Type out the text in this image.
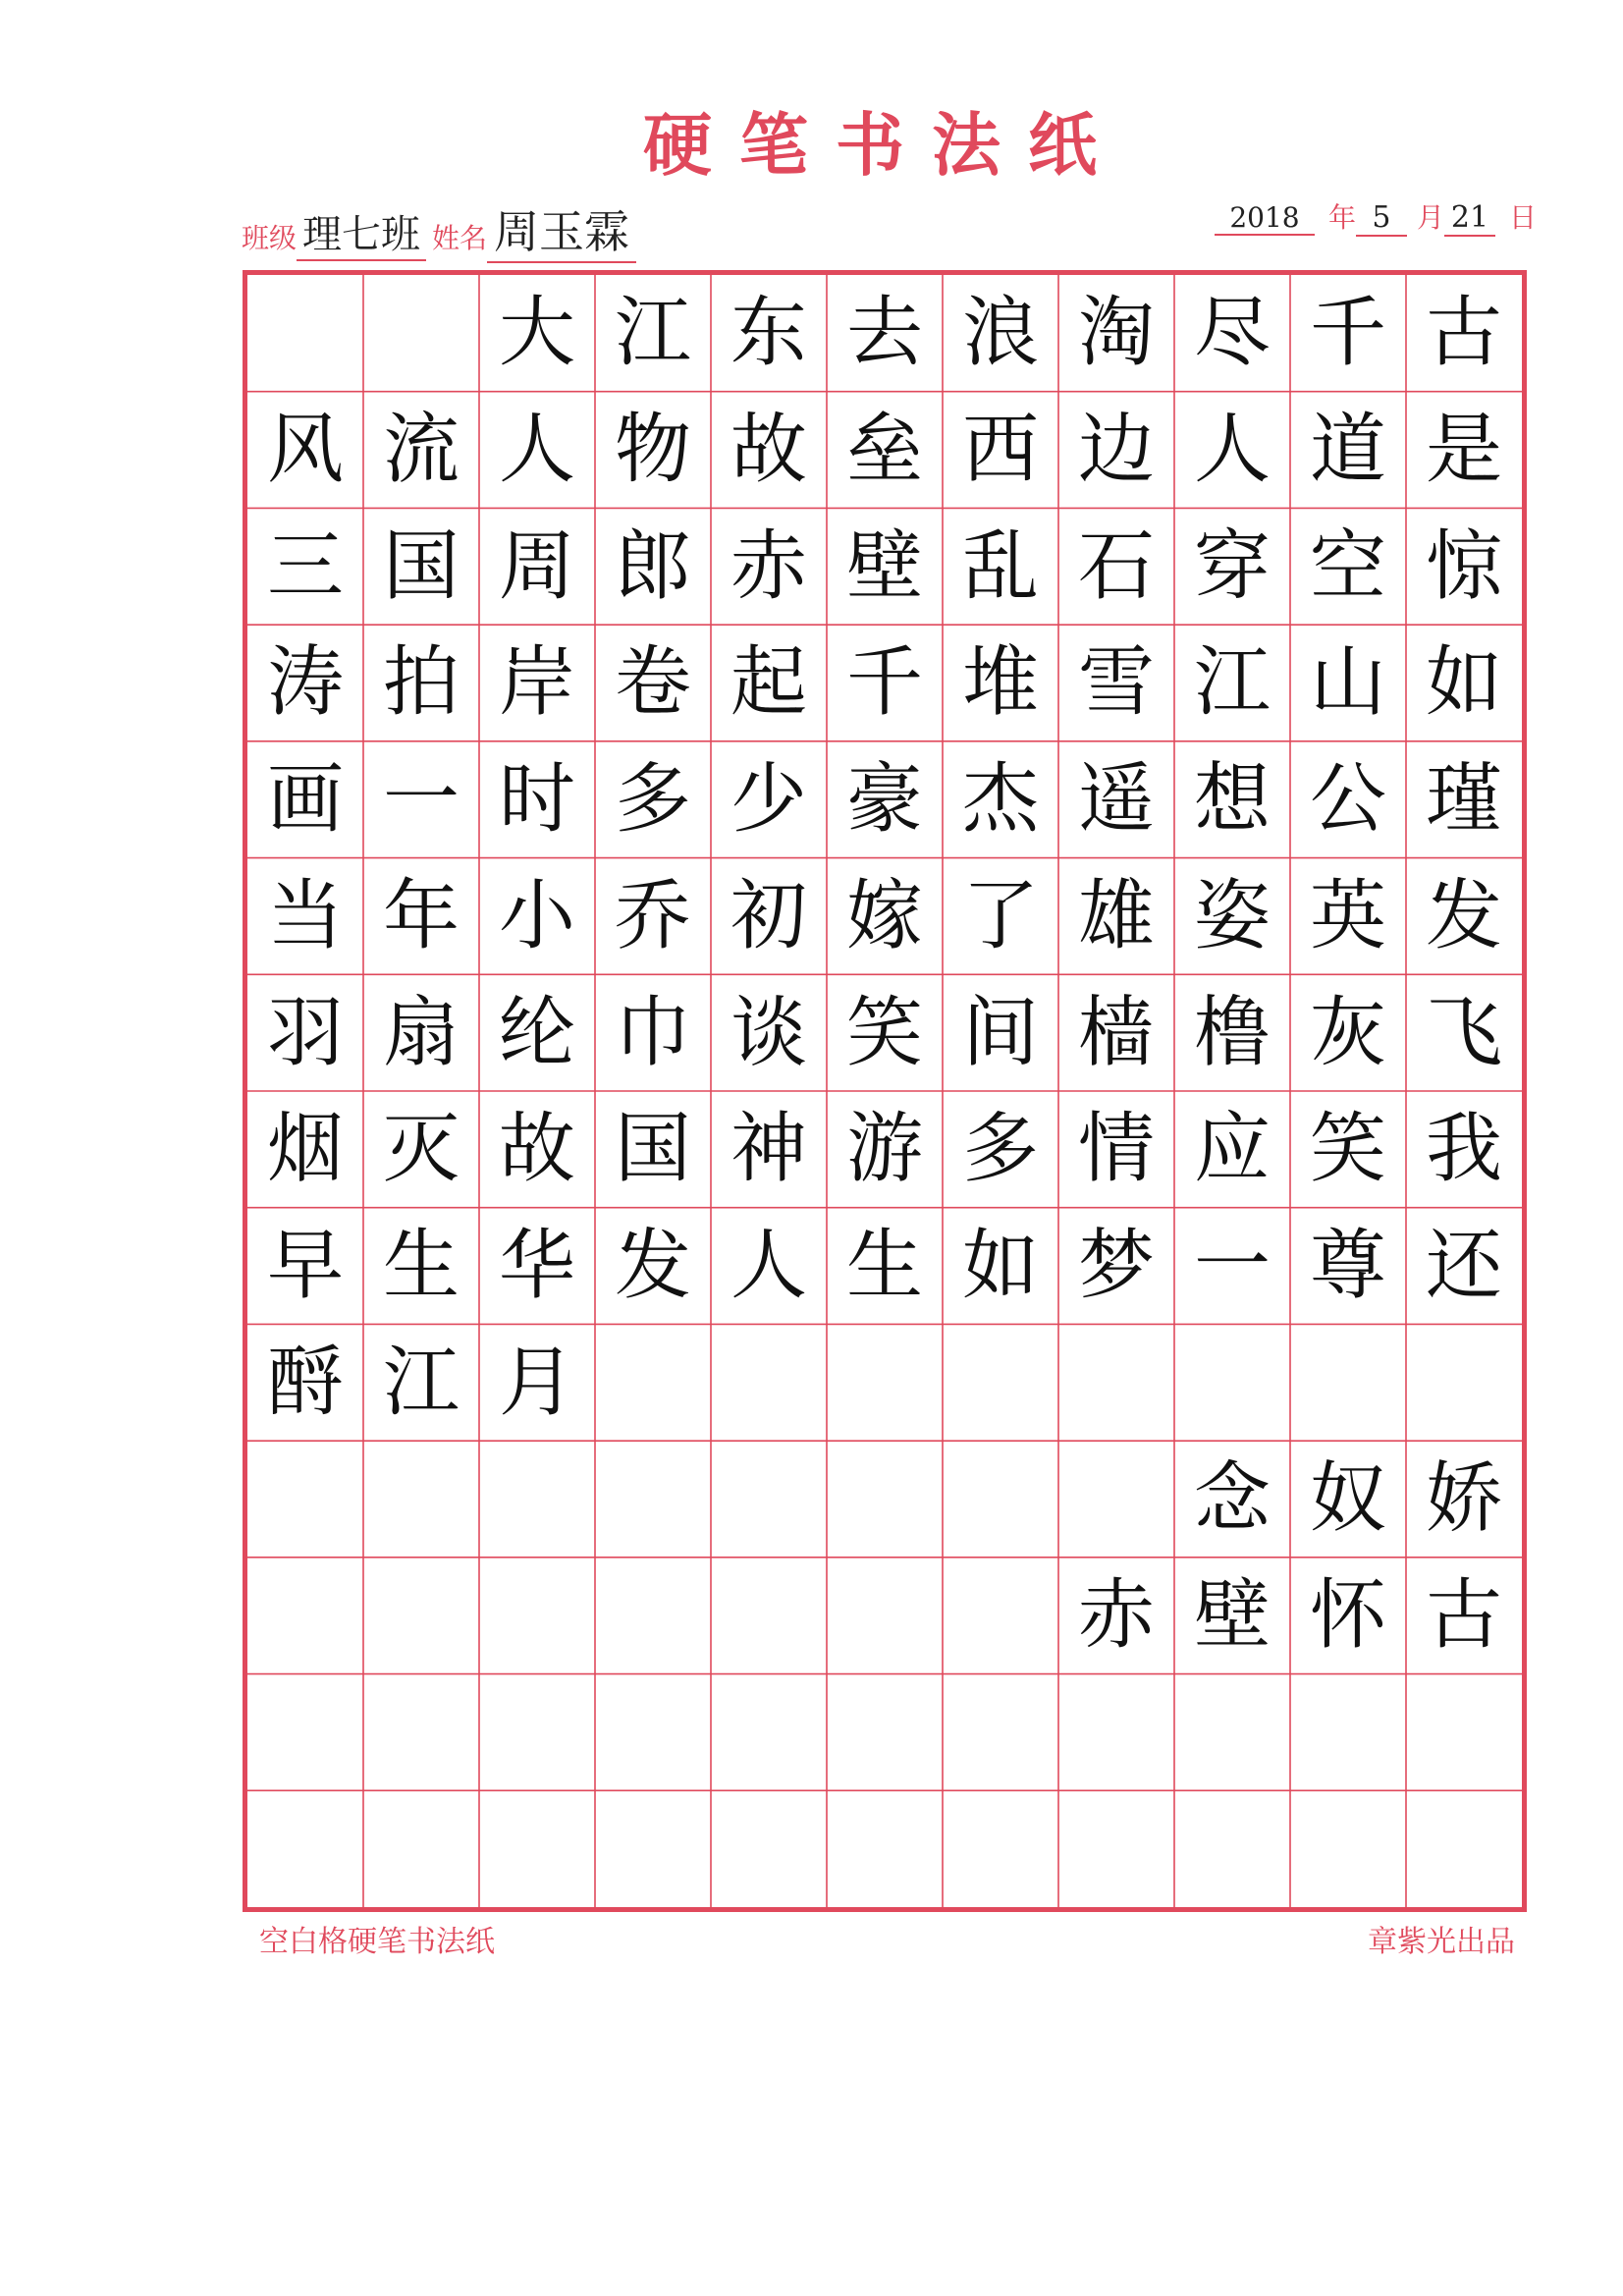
硬笔书法纸
班级 理七班 姓名 周玉霖	2018 年 5 月 21 日
古
是
惊
如
瑾
发
飞
我
还
千
道
空
山
公
英
灰
笑
尊
尽
人
穿
江
想
姿
橹
应
一
淘
边
石
雪
遥
雄
樯
情
梦
浪
西
乱
堆
杰
了
间
多
如
去
垒
壁
千
豪
嫁
笑
游
生
东
故
赤
起
少
初
谈
神
人
江
物
郎
卷
多
乔
巾
国
发
大
人
周
岸
时
小
纶
故
华
月
流
国
拍
一
年
扇
灭
生
江
风
三
涛
画
当
羽
烟
早
酹
娇
古
奴
怀
念
壁
赤
空白格硬笔书法纸	章紫光出品
